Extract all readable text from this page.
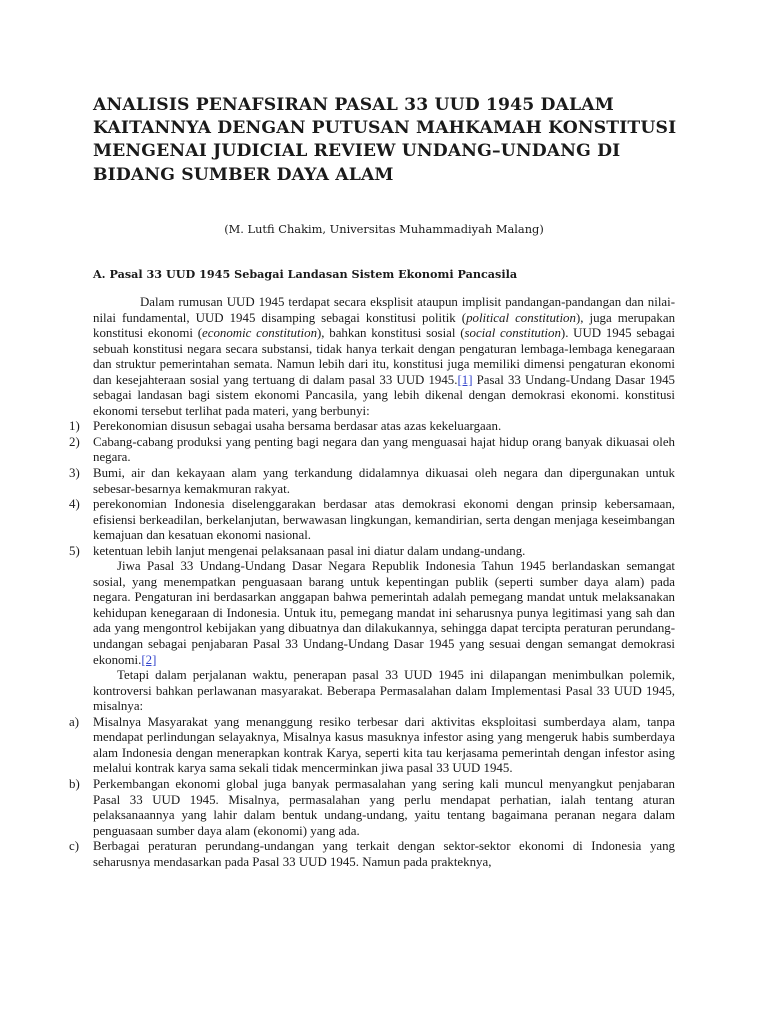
ANALISIS PENAFSIRAN PASAL 33 UUD 1945 DALAM KAITANNYA DENGAN PUTUSAN MAHKAMAH KONSTITUSI MENGENAI JUDICIAL REVIEW UNDANG–UNDANG DI BIDANG SUMBER DAYA ALAM

(M. Lutfi Chakim, Universitas Muhammadiyah Malang)

A. Pasal 33 UUD 1945 Sebagai Landasan Sistem Ekonomi Pancasila

Dalam rumusan UUD 1945 terdapat secara eksplisit ataupun implisit pandangan-pandangan dan nilai-nilai fundamental, UUD 1945 disamping sebagai konstitusi politik (political constitution), juga merupakan konstitusi ekonomi (economic constitution), bahkan konstitusi sosial (social constitution). UUD 1945 sebagai sebuah konstitusi negara secara substansi, tidak hanya terkait dengan pengaturan lembaga-lembaga kenegaraan dan struktur pemerintahan semata. Namun lebih dari itu, konstitusi juga memiliki dimensi pengaturan ekonomi dan kesejahteraan sosial yang tertuang di dalam pasal 33 UUD 1945.[1] Pasal 33 Undang-Undang Dasar 1945 sebagai landasan bagi sistem ekonomi Pancasila, yang lebih dikenal dengan demokrasi ekonomi. konstitusi ekonomi tersebut terlihat pada materi, yang berbunyi:

1) Perekonomian disusun sebagai usaha bersama berdasar atas azas kekeluargaan.
2) Cabang-cabang produksi yang penting bagi negara dan yang menguasai hajat hidup orang banyak dikuasai oleh negara.
3) Bumi, air dan kekayaan alam yang terkandung didalamnya dikuasai oleh negara dan dipergunakan untuk sebesar-besarnya kemakmuran rakyat.
4) perekonomian Indonesia diselenggarakan berdasar atas demokrasi ekonomi dengan prinsip kebersamaan, efisiensi berkeadilan, berkelanjutan, berwawasan lingkungan, kemandirian, serta dengan menjaga keseimbangan kemajuan dan kesatuan ekonomi nasional.
5) ketentuan lebih lanjut mengenai pelaksanaan pasal ini diatur dalam undang-undang.

Jiwa Pasal 33 Undang-Undang Dasar Negara Republik Indonesia Tahun 1945 berlandaskan semangat sosial, yang menempatkan penguasaan barang untuk kepentingan publik (seperti sumber daya alam) pada negara. Pengaturan ini berdasarkan anggapan bahwa pemerintah adalah pemegang mandat untuk melaksanakan kehidupan kenegaraan di Indonesia. Untuk itu, pemegang mandat ini seharusnya punya legitimasi yang sah dan ada yang mengontrol kebijakan yang dibuatnya dan dilakukannya, sehingga dapat tercipta peraturan perundang-undangan sebagai penjabaran Pasal 33 Undang-Undang Dasar 1945 yang sesuai dengan semangat demokrasi ekonomi.[2]

Tetapi dalam perjalanan waktu, penerapan pasal 33 UUD 1945 ini dilapangan menimbulkan polemik, kontroversi bahkan perlawanan masyarakat. Beberapa Permasalahan dalam Implementasi Pasal 33 UUD 1945, misalnya:

a) Misalnya Masyarakat yang menanggung resiko terbesar dari aktivitas eksploitasi sumberdaya alam, tanpa mendapat perlindungan selayaknya, Misalnya kasus masuknya infestor asing yang mengeruk habis sumberdaya alam Indonesia dengan menerapkan kontrak Karya, seperti kita tau kerjasama pemerintah dengan infestor asing melalui kontrak karya sama sekali tidak mencerminkan jiwa pasal 33 UUD 1945.
b) Perkembangan ekonomi global juga banyak permasalahan yang sering kali muncul menyangkut penjabaran Pasal 33 UUD 1945. Misalnya, permasalahan yang perlu mendapat perhatian, ialah tentang aturan pelaksanaannya yang lahir dalam bentuk undang-undang, yaitu tentang bagaimana peranan negara dalam penguasaan sumber daya alam (ekonomi) yang ada.
c) Berbagai peraturan perundang-undangan yang terkait dengan sektor-sektor ekonomi di Indonesia yang seharusnya mendasarkan pada Pasal 33 UUD 1945. Namun pada prakteknya,
